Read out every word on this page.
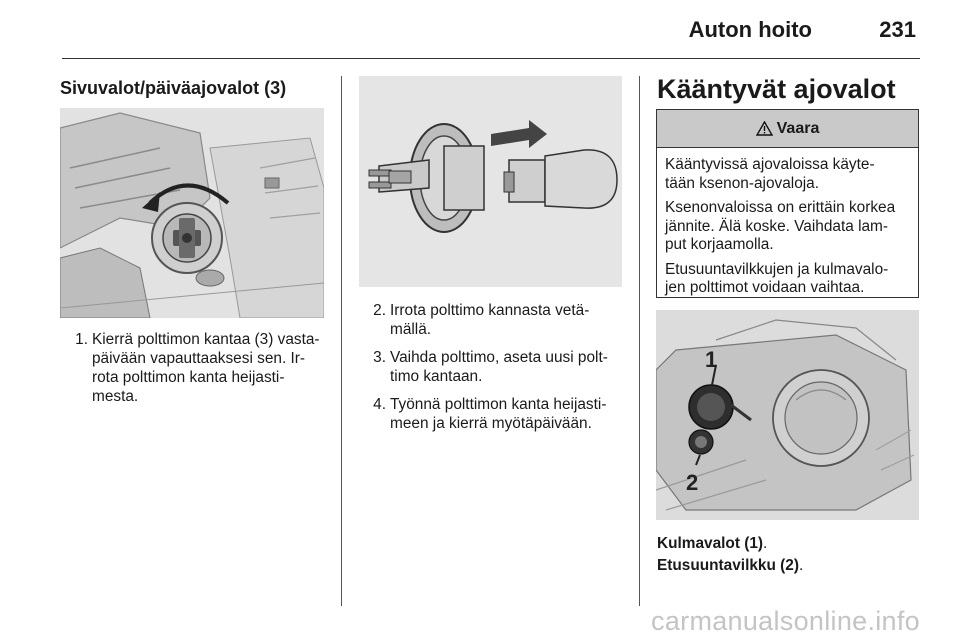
Auton hoito	231
Sivuvalot/päiväajovalot (3)
1. Kierrä polttimon kantaa (3) vasta-
päivään vapauttaaksesi sen. Ir-
rota polttimon kanta heijasti-
mesta.
2. Irrota polttimo kannasta vetä-
mällä.
3. Vaihda polttimo, aseta uusi polt-
timo kantaan.
4. Työnnä polttimon kanta heijasti-
meen ja kierrä myötäpäivään.
Kääntyvät ajovalot
Vaara

Kääntyvissä ajovaloissa käyte-
tään ksenon-ajovaloja.

Ksenonvaloissa on erittäin korkea
jännite. Älä koske. Vaihdata lam-
put korjaamolla.

Etusuuntavilkkujen ja kulmavalo-
jen polttimot voidaan vaihtaa.

1
2
Kulmavalot (1).
Etusuuntavilkku (2).
carmanualsonline.info
